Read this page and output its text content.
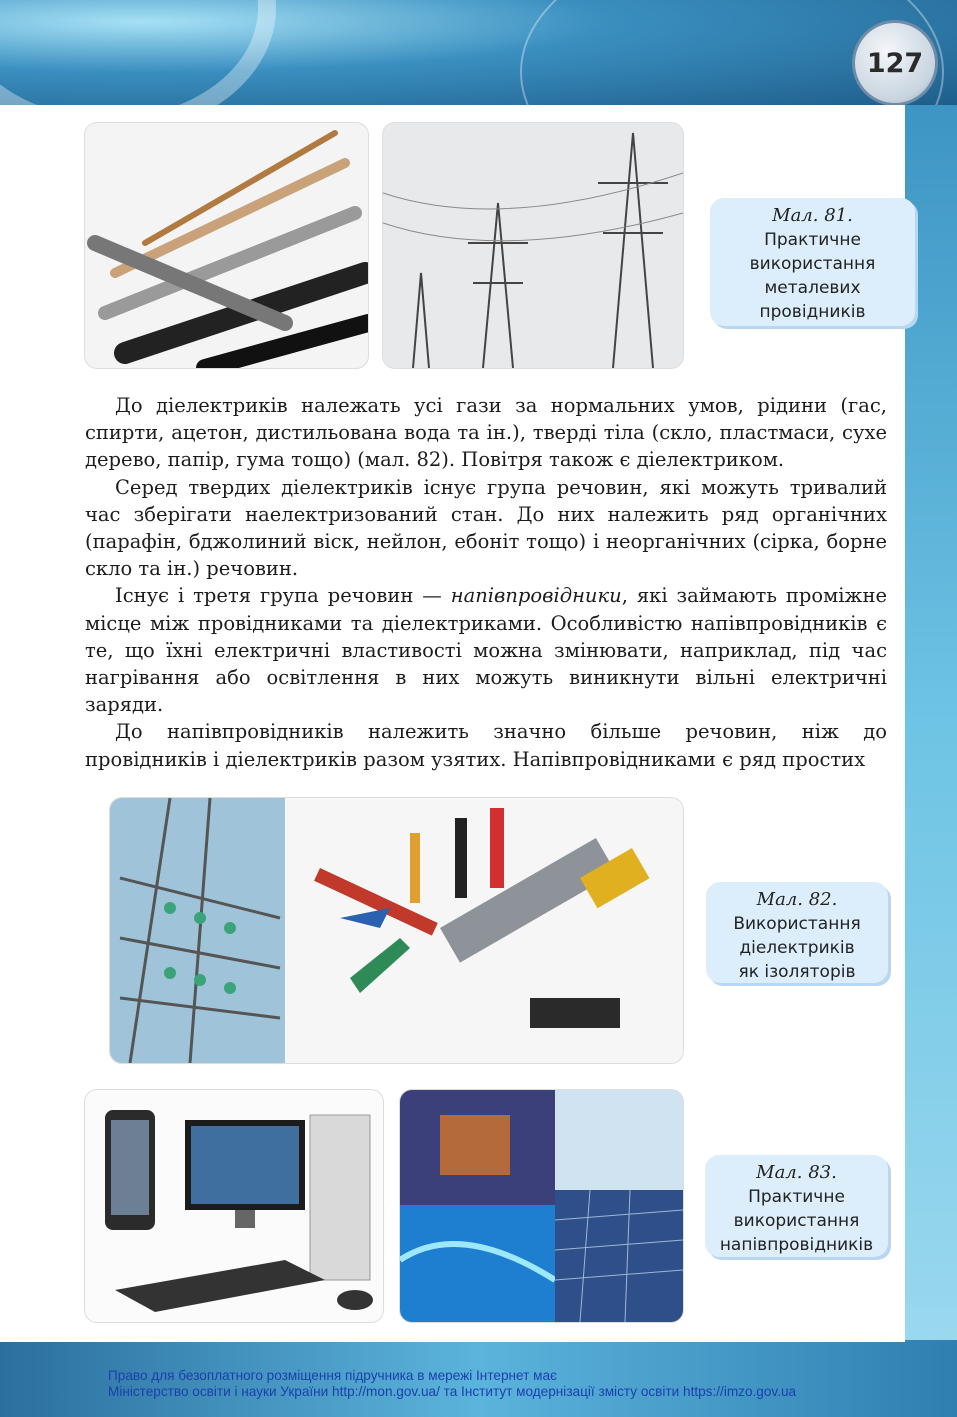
127
Мал. 81.
Практичне
використання
металевих
провідників

До діелектриків належать усі гази за нормальних умов, рідини (гас, спирти, ацетон, дистильована вода та ін.), тверді тіла (скло, пластмаси, сухе дерево, папір, гума тощо) (мал. 82). Повітря також є діелектриком.

Серед твердих діелектриків існує група речовин, які можуть тривалий час зберігати наелектризований стан. До них належить ряд органічних (парафін, бджолиний віск, нейлон, ебоніт тощо) і неорганічних (сірка, борне скло та ін.) речовин.

Існує і третя група речовин — напівпровідники, які займають проміжне місце між провідниками та діелектриками. Особливістю напівпровідників є те, що їхні електричні властивості можна змінювати, наприклад, під час нагрівання або освітлення в них можуть виникнути вільні електричні заряди.

До напівпровідників належить значно більше речовин, ніж до провідників і діелектриків разом узятих. Напівпровідниками є ряд простих

Мал. 82.
Використання
діелектриків
як ізоляторів
Мал. 83.
Практичне
використання
напівпровідників
Право для безоплатного розміщення підручника в мережі Інтернет має
Міністерство освіти і науки України http://mon.gov.ua/ та Інститут модернізації змісту освіти https://imzo.gov.ua
